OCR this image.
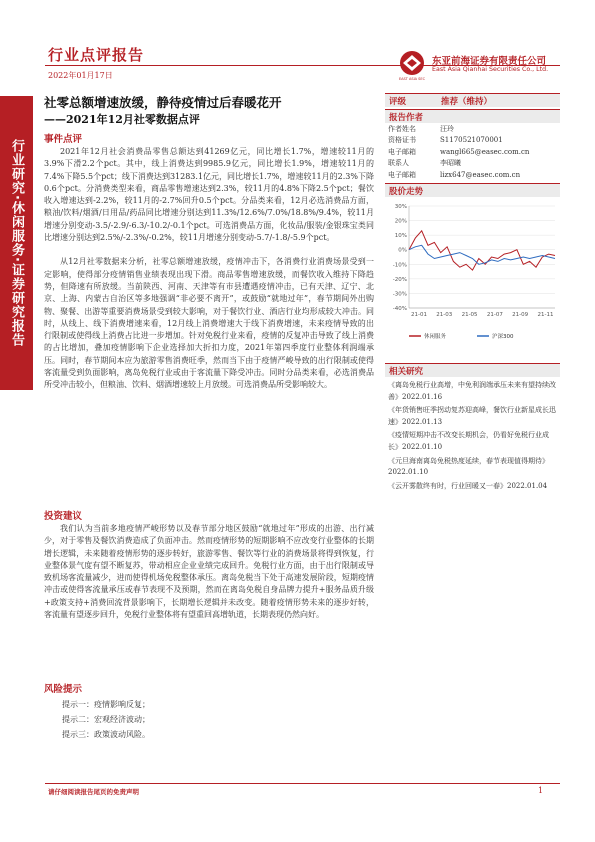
行业点评报告
2022年01月17日	EAST ASIA SEC
东亚前海证券有限责任公司
East Asia Qianhai Securities Co., Ltd.
行业研究·休闲服务·证券研究报告
社零总额增速放缓，静待疫情过后春暖花开
——2021年12月社零数据点评
事件点评

2021年12月社会消费品零售总额达到41269亿元，同比增长1.7%，增速较11月的3.9%下滑2.2个pct。其中，线上消费达到9985.9亿元，同比增长1.9%，增速较11月的7.4%下降5.5个pct；线下消费达到31283.1亿元，同比增长1.7%，增速较11月的2.3%下降0.6个pct。分消费类型来看，商品零售增速达到2.3%，较11月的4.8%下降2.5个pct；餐饮收入增速达到-2.2%，较11月的-2.7%回升0.5个pct。分品类来看，12月必选消费品方面，粮油/饮料/烟酒/日用品/药品同比增速分别达到11.3%/12.6%/7.0%/18.8%/9.4%，较11月增速分别变动-3.5/-2.9/-6.3/-10.2/-0.1个pct。可选消费品方面，化妆品/服装/金银珠宝类同比增速分别达到2.5%/-2.3%/-0.2%，较11月增速分别变动-5.7/-1.8/-5.9个pct。

从12月社零数据来分析，社零总额增速放缓，疫情冲击下，各消费行业消费场景受到一定影响，使得部分疫情销售业绩表现出现下滑。商品零售增速放缓，而餐饮收入维持下降趋势，但降速有所放缓。当前陕西、河南、天津等有市县遭遇疫情冲击，已有天津、辽宁、北京、上海、内蒙古自治区等多地强调“非必要不离开”，或鼓励“就地过年”，春节期间外出购物、聚餐、出游等重要消费场景受到较大影响，对于餐饮行业、酒店行业均形成较大冲击。同时，从线上、线下消费增速来看，12月线上消费增速大于线下消费增速，未来疫情导致的出行限制或使得线上消费占比进一步增加。针对免税行业来看，疫情的反复冲击导致了线上消费的占比增加，叠加疫情影响下企业选择加大折扣力度，2021年第四季度行业整体利润端承压。同时，春节期间本应为旅游零售消费旺季，然而当下由于疫情严峻导致的出行限制或使得客流量受到负面影响，离岛免税行业或由于客流量下降受冲击。同时分品类来看，必选消费品所受冲击较小，但粮油、饮料、烟酒增速较上月放缓。可选消费品所受影响较大。

投资建议

我们认为当前多地疫情严峻形势以及春节部分地区鼓励“就地过年”形成的出游、出行减少，对于零售及餐饮消费造成了负面冲击。然而疫情形势的短期影响不应改变行业整体的长期增长逻辑，未来随着疫情形势的逐步转好，旅游零售、餐饮等行业的消费场景将得到恢复，行业整体景气度有望不断复苏，带动相应企业业绩完成回升。免税行业方面，由于出行限制或导致机场客流量减少，进而使得机场免税整体承压。离岛免税当下处于高速发展阶段，短期疫情冲击或使得客流量承压或春节表现不及预期，然而在离岛免税自身品牌力提升+服务品质升级+政策支持+消费回流背景影响下，长期增长逻辑并未改变。随着疫情形势未来的逐步好转，客流量有望逐步回升，免税行业整体将有望重回高增轨道，长期表现仍然向好。

风险提示
提示一：疫情影响反复；
提示二：宏观经济波动；
提示三：政策波动风险。
评级	推荐（维持）
报告作者
作者姓名	汪玲
资格证书	S1170521070001
电子邮箱	wangl665@easec.com.cn
联系人	李昭曦
电子邮箱	lizx647@easec.com.cn
股价走势
30%
20%
10%
0%
-10%
-20%
-30%
-40%
21-01 21-03 21-05 21-07 21-09 21-11
休闲服务	沪深300
相关研究
《离岛免税行业高增，中免利润端承压未来有望持续改善》2022.01.16
《年货销售旺季拐动复苏迎高峰，餐饮行业新星成长迅速》2022.01.13
《疫情短期冲击不改变长期机会，仍看好免税行业成长》2022.01.10
《元旦海南离岛免税热度延续，春节表现值得期待》2022.01.10
《云开雾散终有时，行业回暖又一春》2022.01.04
请仔细阅读报告尾页的免责声明	1
